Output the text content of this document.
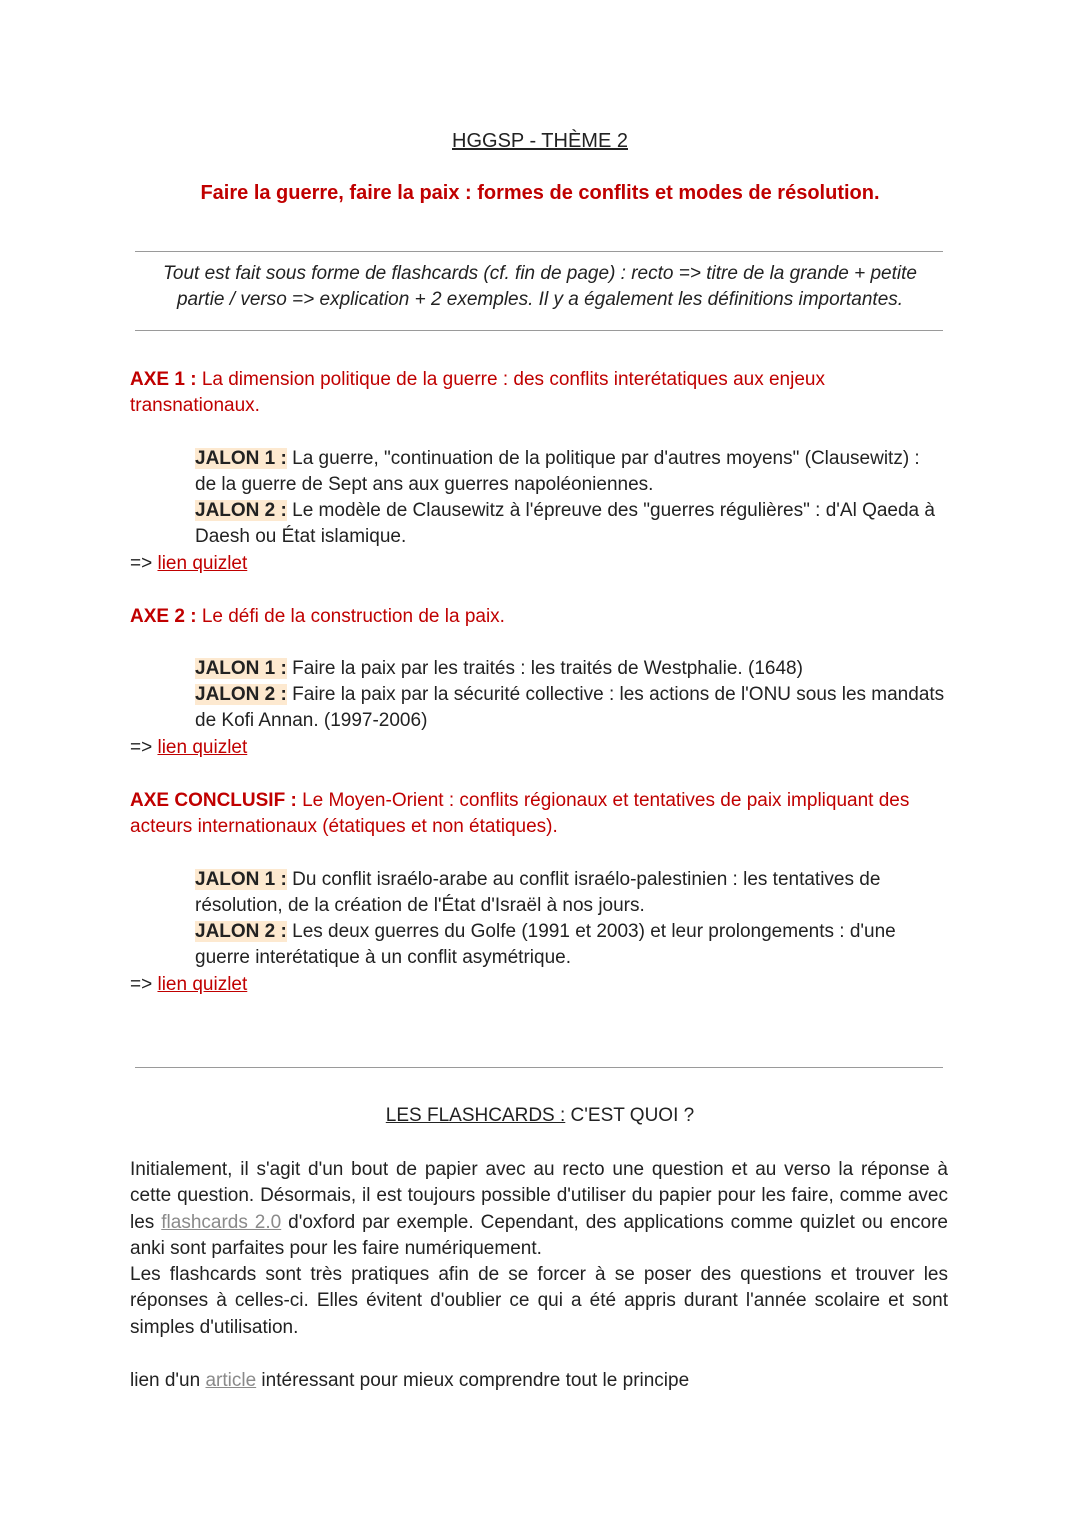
HGGSP - THÈME 2
Faire la guerre, faire la paix : formes de conflits et modes de résolution.
Tout est fait sous forme de flashcards (cf. fin de page) : recto => titre de la grande + petite
partie / verso => explication + 2 exemples. Il y a également les définitions importantes.
AXE 1 : La dimension politique de la guerre : des conflits interétatiques aux enjeux transnationaux.
JALON 1 : La guerre, "continuation de la politique par d'autres moyens" (Clausewitz) : de la guerre de Sept ans aux guerres napoléoniennes.
JALON 2 : Le modèle de Clausewitz à l'épreuve des "guerres régulières" : d'Al Qaeda à Daesh ou État islamique.
=> lien quizlet
AXE 2 : Le défi de la construction de la paix.
JALON 1 : Faire la paix par les traités : les traités de Westphalie. (1648)
JALON 2 : Faire la paix par la sécurité collective : les actions de l'ONU sous les mandats de Kofi Annan. (1997-2006)
=> lien quizlet
AXE CONCLUSIF : Le Moyen-Orient : conflits régionaux et tentatives de paix impliquant des acteurs internationaux (étatiques et non étatiques).
JALON 1 : Du conflit israélo-arabe au conflit israélo-palestinien : les tentatives de résolution, de la création de l'État d'Israël à nos jours.
JALON 2 : Les deux guerres du Golfe (1991 et 2003) et leur prolongements : d'une guerre interétatique à un conflit asymétrique.
=> lien quizlet
LES FLASHCARDS : C'EST QUOI ?
Initialement, il s'agit d'un bout de papier avec au recto une question et au verso la réponse à cette question. Désormais, il est toujours possible d'utiliser du papier pour les faire, comme avec les flashcards 2.0 d'oxford par exemple. Cependant, des applications comme quizlet ou encore anki sont parfaites pour les faire numériquement.
Les flashcards sont très pratiques afin de se forcer à se poser des questions et trouver les réponses à celles-ci. Elles évitent d'oublier ce qui a été appris durant l'année scolaire et sont simples d'utilisation.
lien d'un article intéressant pour mieux comprendre tout le principe
